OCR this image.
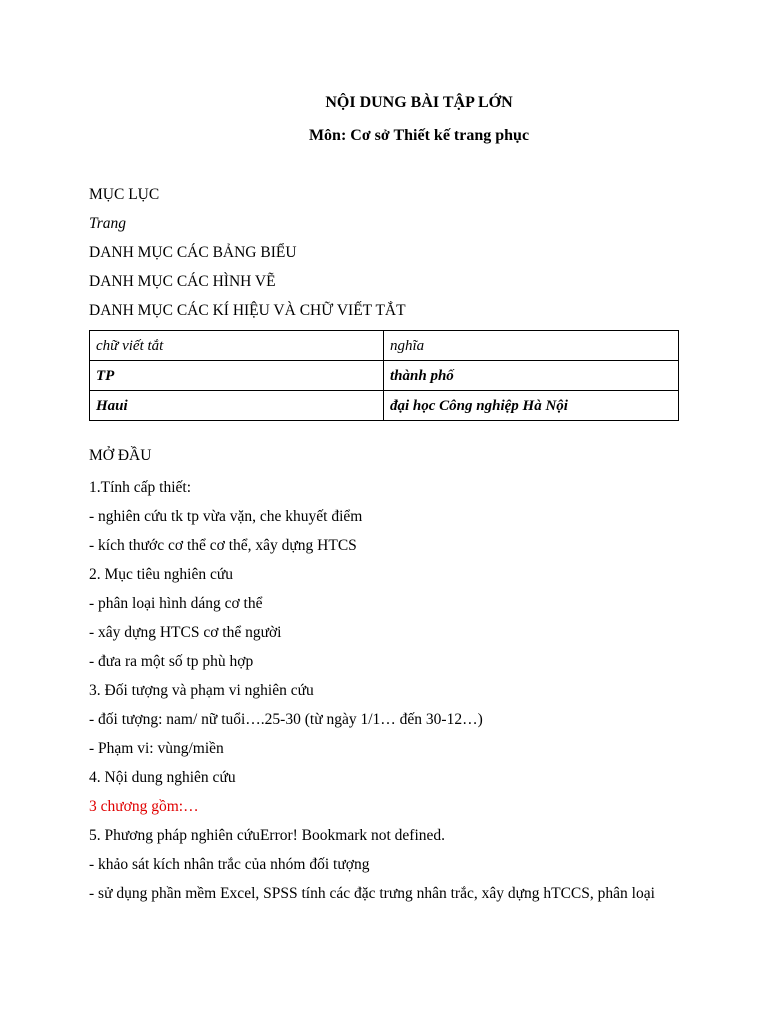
NỘI DUNG BÀI TẬP LỚN
Môn: Cơ sở Thiết kế trang phục
MỤC LỤC
Trang
DANH MỤC CÁC BẢNG BIỂU
DANH MỤC CÁC HÌNH VẼ
DANH MỤC CÁC KÍ HIỆU VÀ CHỮ VIẾT TẮT
chữ viết tắt	nghĩa
TP	thành phố
Haui	đại học Công nghiệp Hà Nội
MỞ ĐẦU
1.Tính cấp thiết:
- nghiên cứu tk tp vừa vặn, che khuyết điểm
- kích thước cơ thể cơ thể, xây dựng HTCS
2. Mục tiêu nghiên cứu
- phân loại hình dáng cơ thể
- xây dựng HTCS cơ thể người
- đưa ra một số tp phù hợp
3. Đối tượng và phạm vi nghiên cứu
- đối tượng: nam/ nữ tuổi….25-30 (từ ngày 1/1… đến 30-12…)
- Phạm vi: vùng/miền
4. Nội dung nghiên cứu
3 chương gồm:…
5. Phương pháp nghiên cứuError! Bookmark not defined.
- khảo sát kích nhân trắc của nhóm đối tượng
- sử dụng phần mềm Excel, SPSS tính các đặc trưng nhân trắc, xây dựng hTCCS, phân loại
